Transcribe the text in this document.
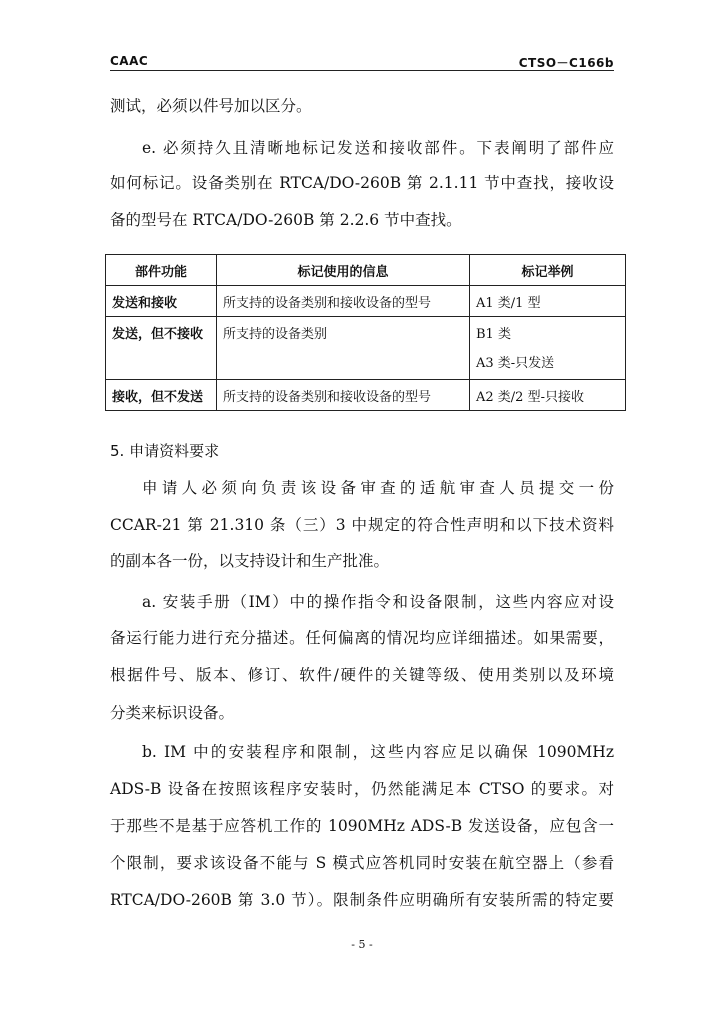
CAAC	CTSO－C166b
测试，必须以件号加以区分。
e. 必须持久且清晰地标记发送和接收部件。下表阐明了部件应
如何标记。设备类别在 RTCA/DO-260B 第 2.1.11 节中查找，接收设
备的型号在 RTCA/DO-260B 第 2.2.6 节中查找。
部件功能	标记使用的信息	标记举例
发送和接收	所支持的设备类别和接收设备的型号	A1 类/1 型
发送，但不接收	所支持的设备类别	B1 类
A3 类-只发送

接收，但不发送	所支持的设备类别和接收设备的型号	A2 类/2 型-只接收
5. 申请资料要求
申请人必须向负责该设备审查的适航审查人员提交一份
CCAR-21 第 21.310 条（三）3 中规定的符合性声明和以下技术资料
的副本各一份，以支持设计和生产批准。
a. 安装手册（IM）中的操作指令和设备限制，这些内容应对设
备运行能力进行充分描述。任何偏离的情况均应详细描述。如果需要，
根据件号、版本、修订、软件/硬件的关键等级、使用类别以及环境
分类来标识设备。
b. IM 中的安装程序和限制，这些内容应足以确保 1090MHz
ADS-B 设备在按照该程序安装时，仍然能满足本 CTSO 的要求。对
于那些不是基于应答机工作的 1090MHz ADS-B 发送设备，应包含一
个限制，要求该设备不能与 S 模式应答机同时安装在航空器上（参看
RTCA/DO-260B 第 3.0 节）。限制条件应明确所有安装所需的特定要
- 5 -
